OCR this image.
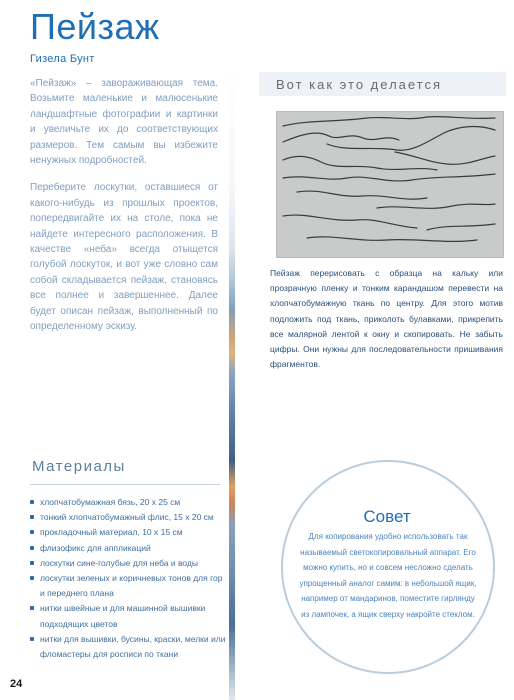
Пейзаж
Гизела Бунт

«Пейзаж» – завораживающая тема. Возьмите маленькие и малюсенькие ландшафтные фотографии и картинки и увеличьте их до соответствующих размеров. Тем самым вы избежите ненужных подробностей.

Переберите лоскутки, оставшиеся от какого-нибудь из прошлых проектов, попередвигайте их на столе, пока не найдете интересного расположения. В качестве «неба» всегда отыщется голубой лоскуток, и вот уже словно сам собой складывается пейзаж, становясь все полнее и завершеннее. Далее будет описан пейзаж, выполненный по определенному эскизу.

Материалы
хлопчатобумажная бязь, 20 x 25 см
тонкий хлопчатобумажный флис, 15 x 20 см
прокладочный материал, 10 x 15 см
флизофикс для аппликаций
лоскутки сине-голубые для неба и воды
лоскутки зеленых и коричневых тонов для гор и переднего плана
нитки швейные и для машинной вышивки подходящих цветов
нитки для вышивки, бусины, краски, мелки или фломастеры для росписи по ткани
24
Вот как это делается

Пейзаж перерисовать с образца на кальку или прозрачную пленку и тонким карандашом перевести на хлопчатобумажную ткань по центру. Для этого мотив подложить под ткань, приколоть булавками, прикрепить все малярной лентой к окну и скопировать. Не забыть цифры. Они нужны для последовательности пришивания фрагментов.

Совет

Для копирования удобно использовать так называемый светокопировальный аппарат. Его можно купить, но и совсем несложно сделать упрощенный аналог самим: в небольшой ящик, например от мандаринов, поместите гирлянду из лампочек, а ящик сверху накройте стеклом.
